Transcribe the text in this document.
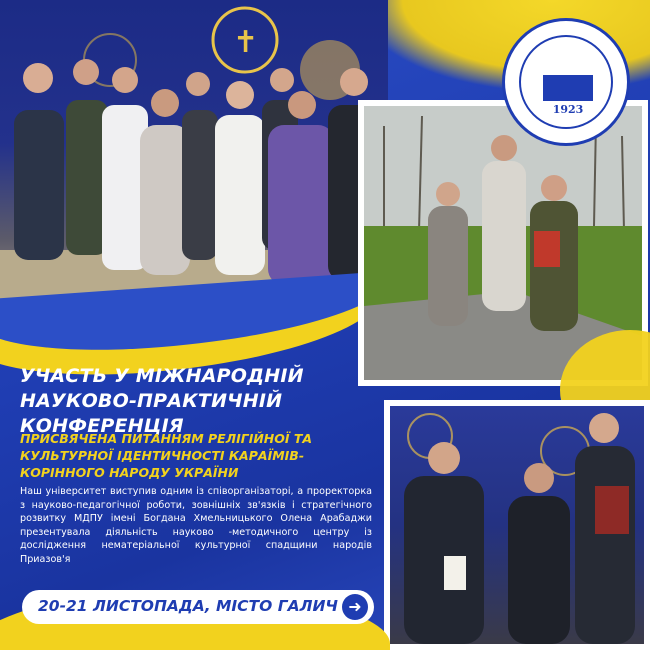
✝
1923
УЧАСТЬ У МІЖНАРОДНІЙ НАУКОВО-ПРАКТИЧНІЙ КОНФЕРЕНЦІЯ
ПРИСВЯЧЕНА ПИТАННЯМ РЕЛІГІЙНОЇ ТА КУЛЬТУРНОЇ ІДЕНТИЧНОСТІ КАРАЇМІВ-КОРІННОГО НАРОДУ УКРАЇНИ

Наш університет виступив одним із співорганізаторі, а проректорка з науково-педагогічної роботи, зовнішніх зв'язків і стратегічного розвитку МДПУ імені Богдана Хмельницького Олена Арабаджи презентувала діяльність науково -методичного центру із дослідження нематеріальної культурної спадщини народів Приазов'я

20-21 ЛИСТОПАДА, МІСТО ГАЛИЧ ➜
